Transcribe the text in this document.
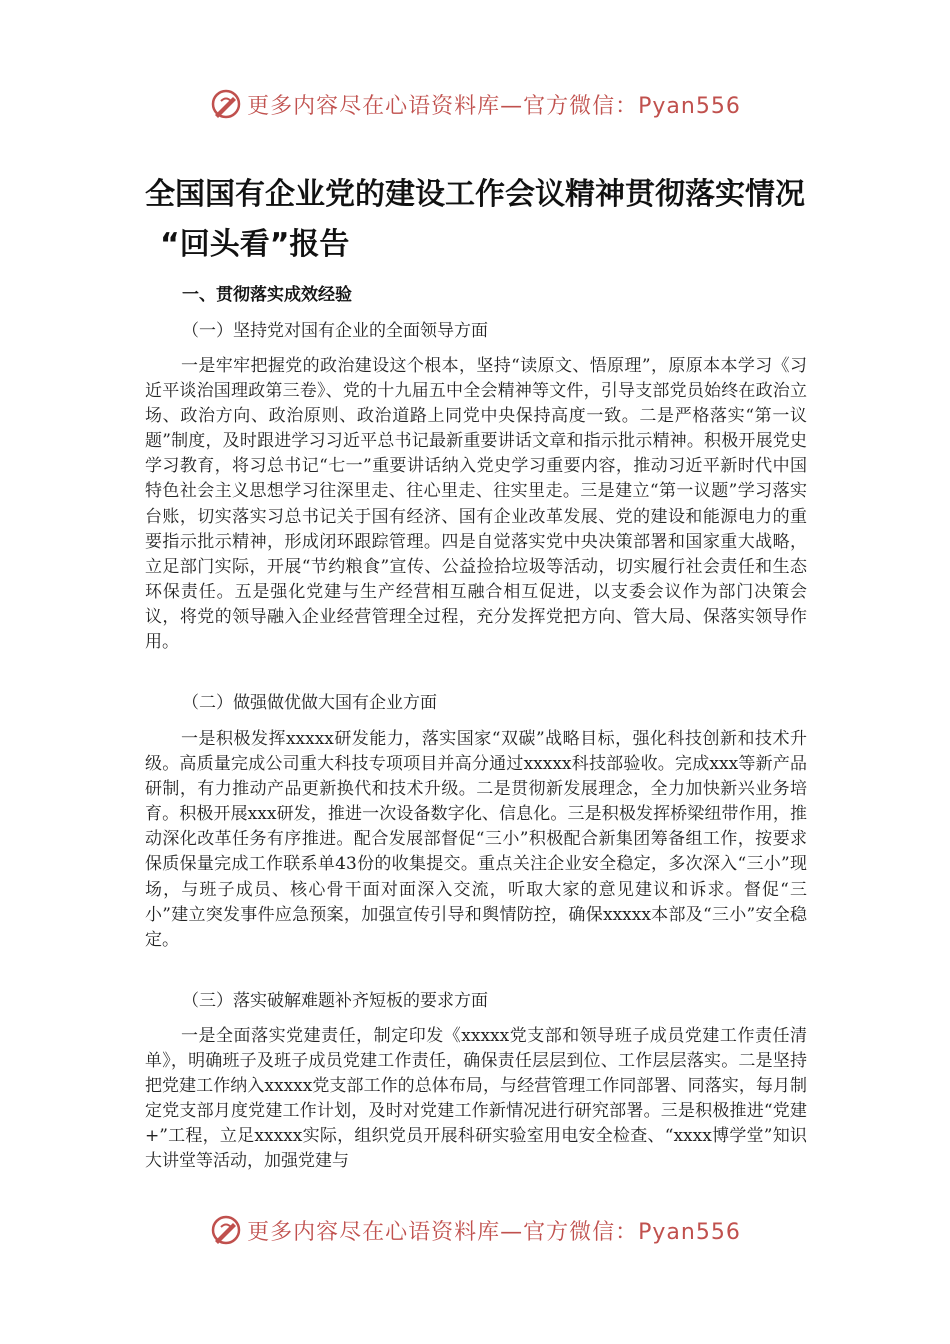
更多内容尽在心语资料库—官方微信：Pyan556
全国国有企业党的建设工作会议精神贯彻落实情况
“回头看”报告
一、贯彻落实成效经验
（一）坚持党对国有企业的全面领导方面

一是牢牢把握党的政治建设这个根本，坚持“读原文、悟原理”，原原本本学习《习近平谈治国理政第三卷》、党的十九届五中全会精神等文件，引导支部党员始终在政治立场、政治方向、政治原则、政治道路上同党中央保持高度一致。二是严格落实“第一议题”制度，及时跟进学习习近平总书记最新重要讲话文章和指示批示精神。积极开展党史学习教育，将习总书记“七一”重要讲话纳入党史学习重要内容，推动习近平新时代中国特色社会主义思想学习往深里走、往心里走、往实里走。三是建立“第一议题”学习落实台账，切实落实习总书记关于国有经济、国有企业改革发展、党的建设和能源电力的重要指示批示精神，形成闭环跟踪管理。四是自觉落实党中央决策部署和国家重大战略，立足部门实际，开展“节约粮食”宣传、公益捡拾垃圾等活动，切实履行社会责任和生态环保责任。五是强化党建与生产经营相互融合相互促进，以支委会议作为部门决策会议，将党的领导融入企业经营管理全过程，充分发挥党把方向、管大局、保落实领导作用。

（二）做强做优做大国有企业方面

一是积极发挥xxxxx研发能力，落实国家“双碳”战略目标，强化科技创新和技术升级。高质量完成公司重大科技专项项目并高分通过xxxxx科技部验收。完成xxx等新产品研制，有力推动产品更新换代和技术升级。二是贯彻新发展理念，全力加快新兴业务培育。积极开展xxx研发，推进一次设备数字化、信息化。三是积极发挥桥梁纽带作用，推动深化改革任务有序推进。配合发展部督促“三小”积极配合新集团筹备组工作，按要求保质保量完成工作联系单43份的收集提交。重点关注企业安全稳定，多次深入“三小”现场，与班子成员、核心骨干面对面深入交流，听取大家的意见建议和诉求。督促“三小”建立突发事件应急预案，加强宣传引导和舆情防控，确保xxxxx本部及“三小”安全稳定。

（三）落实破解难题补齐短板的要求方面

一是全面落实党建责任，制定印发《xxxxx党支部和领导班子成员党建工作责任清单》，明确班子及班子成员党建工作责任，确保责任层层到位、工作层层落实。二是坚持把党建工作纳入xxxxx党支部工作的总体布局，与经营管理工作同部署、同落实，每月制定党支部月度党建工作计划，及时对党建工作新情况进行研究部署。三是积极推进“党建+”工程，立足xxxxx实际，组织党员开展科研实验室用电安全检查、“xxxx博学堂”知识大讲堂等活动，加强党建与

更多内容尽在心语资料库—官方微信：Pyan556
